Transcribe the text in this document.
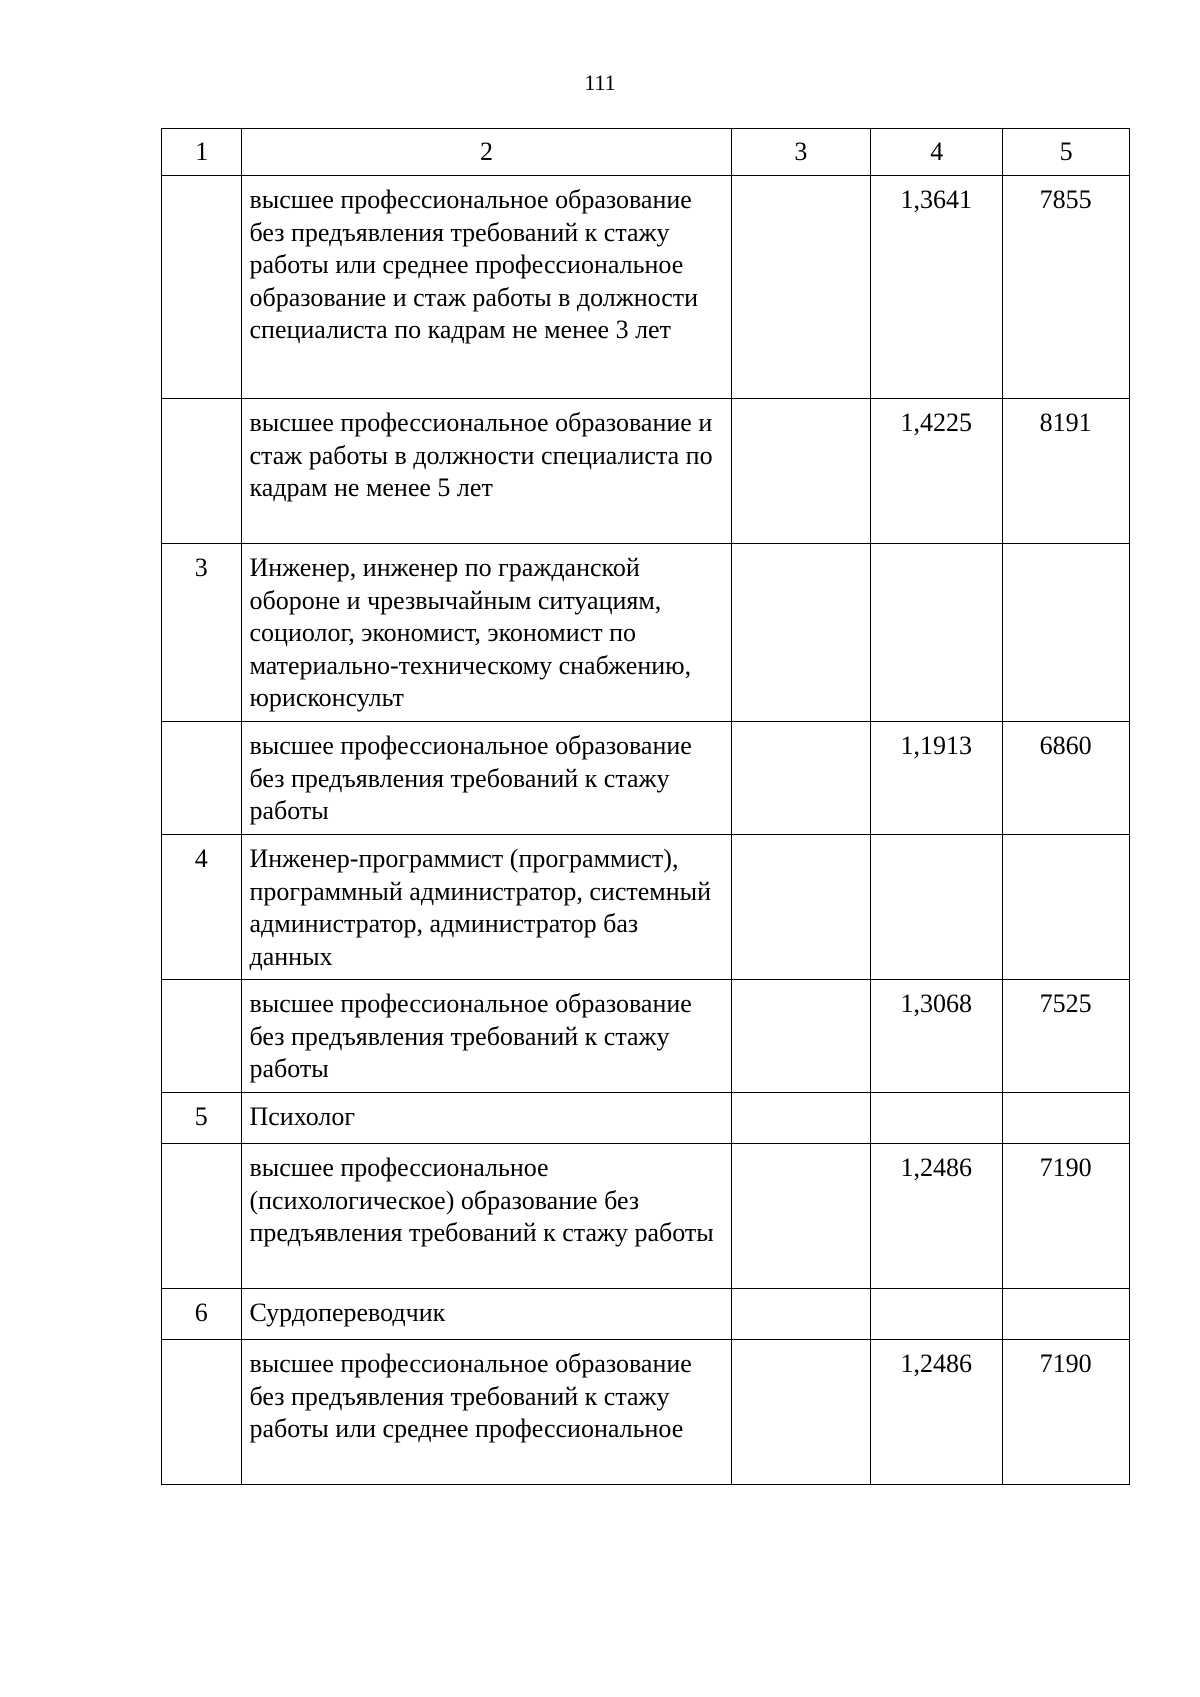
111
1	2	3	4	5
	высшее профессиональное образование без предъявления требований к стажу работы или среднее профессиональное образование и стаж работы в должности специалиста по кадрам не менее 3 лет		1,3641	7855
	высшее профессиональное образование и стаж работы в должности специалиста по кадрам не менее 5 лет		1,4225	8191
3	Инженер, инженер по гражданской обороне и чрезвычайным ситуациям, социолог, экономист, экономист по материально-техническому снабжению, юрисконсульт			
	высшее профессиональное образование без предъявления требований к стажу работы		1,1913	6860
4	Инженер-программист (программист), программный администратор, системный администратор, администратор баз данных			
	высшее профессиональное образование без предъявления требований к стажу работы		1,3068	7525
5	Психолог			
	высшее профессиональное (психологическое) образование без предъявления требований к стажу работы		1,2486	7190
6	Сурдопереводчик			
	высшее профессиональное образование без предъявления требований к стажу работы или среднее профессиональное		1,2486	7190
